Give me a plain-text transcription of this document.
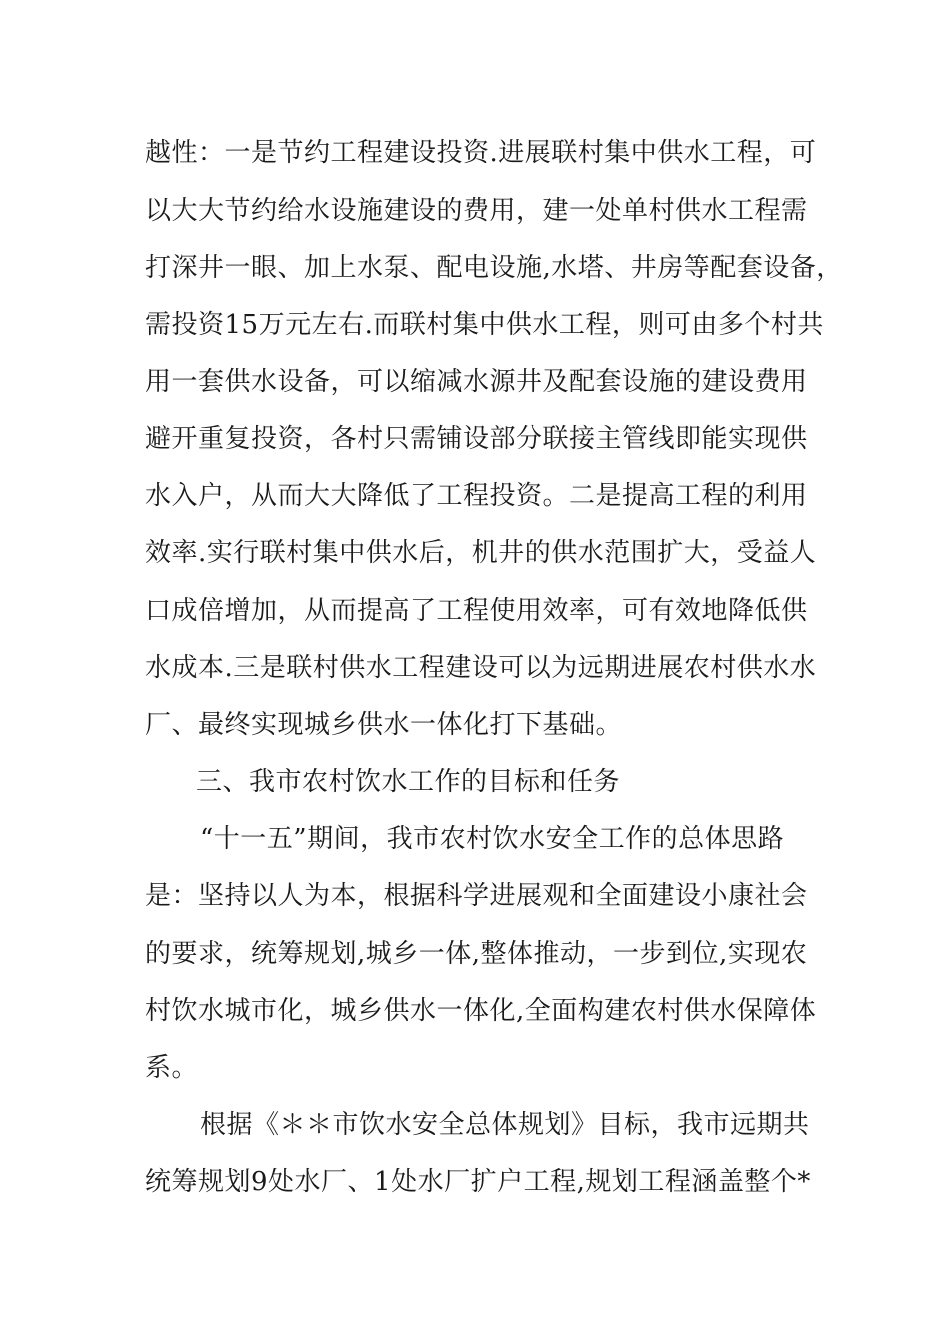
越性：一是节约工程建设投资.进展联村集中供水工程，可
以大大节约给水设施建设的费用，建一处单村供水工程需
打深井一眼、加上水泵、配电设施,水塔、井房等配套设备，
需投资15万元左右.而联村集中供水工程，则可由多个村共
用一套供水设备，可以缩减水源井及配套设施的建设费用
避开重复投资，各村只需铺设部分联接主管线即能实现供
水入户，从而大大降低了工程投资。二是提高工程的利用
效率.实行联村集中供水后，机井的供水范围扩大，受益人
口成倍增加，从而提高了工程使用效率，可有效地降低供
水成本.三是联村供水工程建设可以为远期进展农村供水水
厂、最终实现城乡供水一体化打下基础。
三、我市农村饮水工作的目标和任务
“十一五”期间，我市农村饮水安全工作的总体思路
是：坚持以人为本，根据科学进展观和全面建设小康社会
的要求，统筹规划,城乡一体,整体推动，一步到位,实现农
村饮水城市化，城乡供水一体化,全面构建农村供水保障体
系。
根据《＊＊市饮水安全总体规划》目标，我市远期共
统筹规划9处水厂、1处水厂扩户工程,规划工程涵盖整个*
